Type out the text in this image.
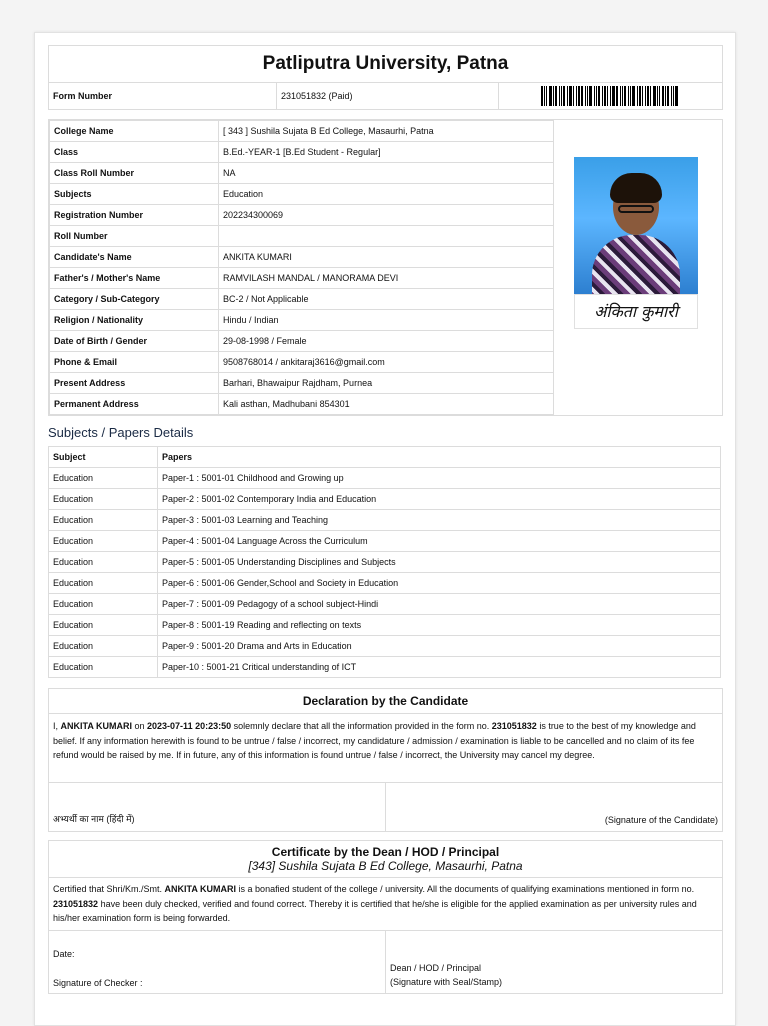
Patliputra University, Patna
Form Number	231051832 (Paid)
College Name	[ 343 ] Sushila Sujata B Ed College, Masaurhi, Patna
Class	B.Ed.-YEAR-1 [B.Ed Student - Regular]
Class Roll Number	NA
Subjects	Education
Registration Number	202234300069
Roll Number	
Candidate's Name	ANKITA KUMARI
Father's / Mother's Name	RAMVILASH MANDAL / MANORAMA DEVI
Category / Sub-Category	BC-2 / Not Applicable
Religion / Nationality	Hindu / Indian
Date of Birth / Gender	29-08-1998 / Female
Phone & Email	9508768014 / ankitaraj3616@gmail.com
Present Address	Barhari, Bhawaipur Rajdham, Purnea
Permanent Address	Kali asthan, Madhubani 854301
अंकिता कुमारी
Subjects / Papers Details
Subject	Papers
Education	Paper-1 : 5001-01 Childhood and Growing up
Education	Paper-2 : 5001-02 Contemporary India and Education
Education	Paper-3 : 5001-03 Learning and Teaching
Education	Paper-4 : 5001-04 Language Across the Curriculum
Education	Paper-5 : 5001-05 Understanding Disciplines and Subjects
Education	Paper-6 : 5001-06 Gender,School and Society in Education
Education	Paper-7 : 5001-09 Pedagogy of a school subject-Hindi
Education	Paper-8 : 5001-19 Reading and reflecting on texts
Education	Paper-9 : 5001-20 Drama and Arts in Education
Education	Paper-10 : 5001-21 Critical understanding of ICT
Declaration by the Candidate
I, ANKITA KUMARI on 2023-07-11 20:23:50 solemnly declare that all the information provided in the form no. 231051832 is true to the best of my knowledge and belief. If any information herewith is found to be untrue / false / incorrect, my candidature / admission / examination is liable to be cancelled and no claim of its fee refund would be raised by me. If in future, any of this information is found untrue / false / incorrect, the University may cancel my degree.
अभ्यर्थी का नाम (हिंदी में)	(Signature of the Candidate)
Certificate by the Dean / HOD / Principal
[343] Sushila Sujata B Ed College, Masaurhi, Patna
Certified that Shri/Km./Smt. ANKITA KUMARI is a bonafied student of the college / university. All the documents of qualifying examinations mentioned in form no. 231051832 have been duly checked, verified and found correct. Thereby it is certified that he/she is eligible for the applied examination as per university rules and his/her examination form is being forwarded.
Date:
Signature of Checker :
Dean / HOD / Principal
(Signature with Seal/Stamp)
